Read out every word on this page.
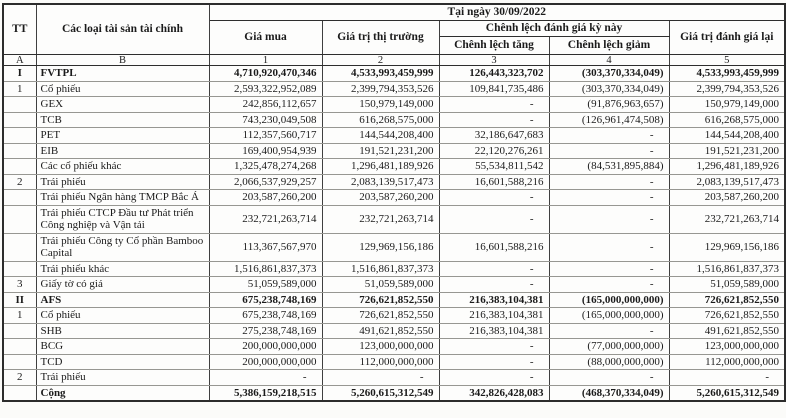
TT	Các loại tài sản tài chính	Tại ngày 30/09/2022				
		Giá mua	Giá trị thị trường	Chênh lệch đánh giá kỳ này		Giá trị đánh giá lại
				Chênh lệch tăng	Chênh lệch giảm	
A	B	1	2	3	4	5
I	FVTPL	4,710,920,470,346	4,533,993,459,999	126,443,323,702	(303,370,334,049)	4,533,993,459,999
1	Cổ phiếu	2,593,322,952,089	2,399,794,353,526	109,841,735,486	(303,370,334,049)	2,399,794,353,526
	GEX	242,856,112,657	150,979,149,000	-	(91,876,963,657)	150,979,149,000
	TCB	743,230,049,508	616,268,575,000	-	(126,961,474,508)	616,268,575,000
	PET	112,357,560,717	144,544,208,400	32,186,647,683	-	144,544,208,400
	EIB	169,400,954,939	191,521,231,200	22,120,276,261	-	191,521,231,200
	Các cổ phiếu khác	1,325,478,274,268	1,296,481,189,926	55,534,811,542	(84,531,895,884)	1,296,481,189,926
2	Trái phiếu	2,066,537,929,257	2,083,139,517,473	16,601,588,216	-	2,083,139,517,473
	Trái phiếu Ngân hàng TMCP Bắc Á	203,587,260,200	203,587,260,200	-	-	203,587,260,200
	Trái phiếu CTCP Đầu tư Phát triển Công nghiệp và Vận tải	232,721,263,714	232,721,263,714	-	-	232,721,263,714
	Trái phiếu Công ty Cổ phần Bamboo Capital	113,367,567,970	129,969,156,186	16,601,588,216	-	129,969,156,186
	Trái phiếu khác	1,516,861,837,373	1,516,861,837,373	-	-	1,516,861,837,373
3	Giấy tờ có giá	51,059,589,000	51,059,589,000	-	-	51,059,589,000
II	AFS	675,238,748,169	726,621,852,550	216,383,104,381	(165,000,000,000)	726,621,852,550
1	Cổ phiếu	675,238,748,169	726,621,852,550	216,383,104,381	(165,000,000,000)	726,621,852,550
	SHB	275,238,748,169	491,621,852,550	216,383,104,381	-	491,621,852,550
	BCG	200,000,000,000	123,000,000,000	-	(77,000,000,000)	123,000,000,000
	TCD	200,000,000,000	112,000,000,000	-	(88,000,000,000)	112,000,000,000
2	Trái phiếu	-	-	-	-	-
	Cộng	5,386,159,218,515	5,260,615,312,549	342,826,428,083	(468,370,334,049)	5,260,615,312,549
